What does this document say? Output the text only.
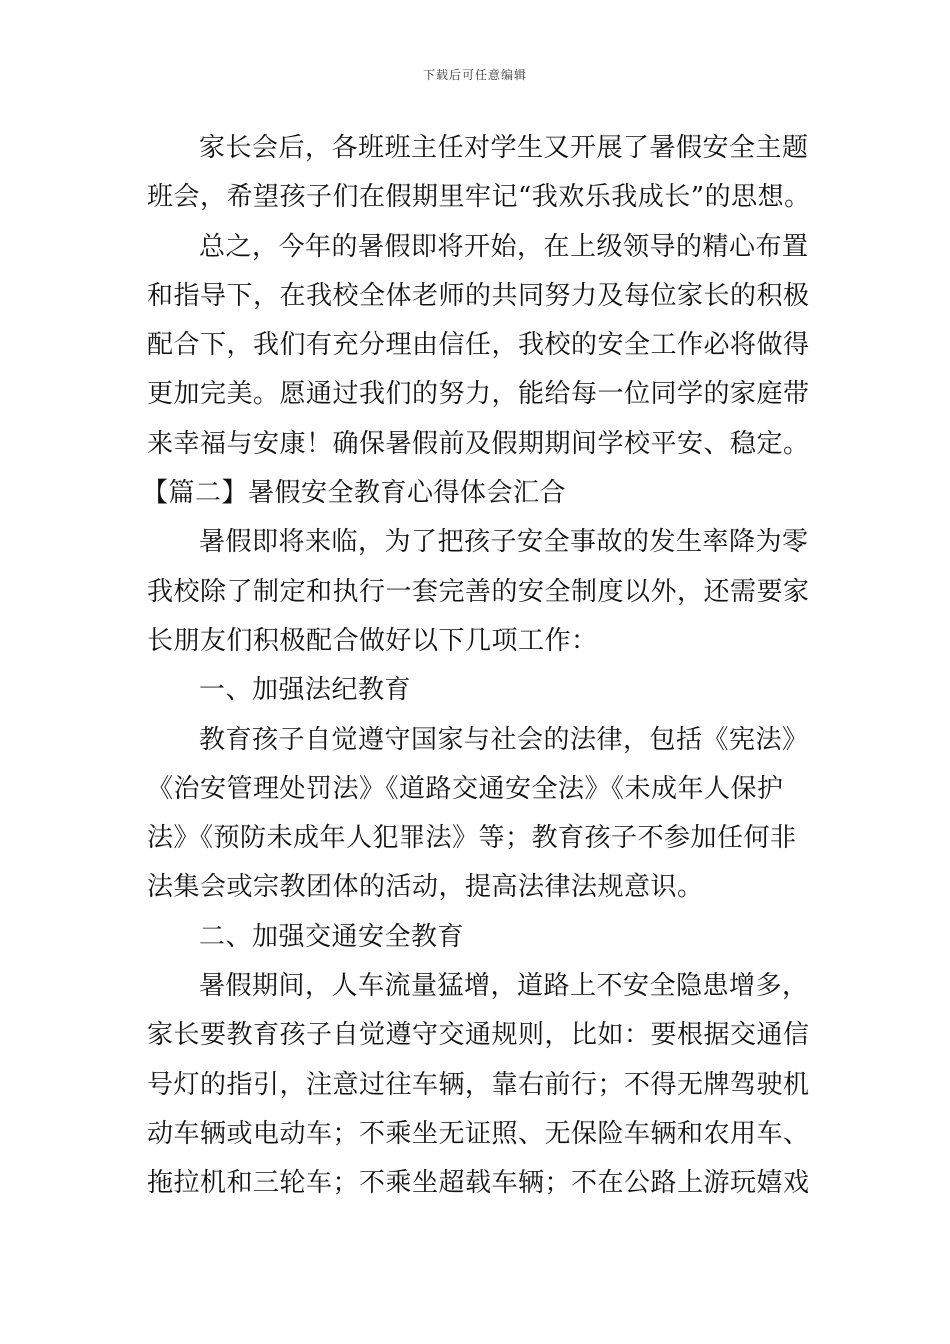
下载后可任意编辑
家长会后，各班班主任对学生又开展了暑假安全主题
班会，希望孩子们在假期里牢记“我欢乐我成长”的思想。
总之，今年的暑假即将开始，在上级领导的精心布置
和指导下，在我校全体老师的共同努力及每位家长的积极
配合下，我们有充分理由信任，我校的安全工作必将做得
更加完美。愿通过我们的努力，能给每一位同学的家庭带
来幸福与安康！确保暑假前及假期期间学校平安、稳定。
【篇二】暑假安全教育心得体会汇合
暑假即将来临，为了把孩子安全事故的发生率降为零
我校除了制定和执行一套完善的安全制度以外，还需要家
长朋友们积极配合做好以下几项工作：
一、加强法纪教育
教育孩子自觉遵守国家与社会的法律，包括《宪法》
《治安管理处罚法》《道路交通安全法》《未成年人保护
法》《预防未成年人犯罪法》等；教育孩子不参加任何非
法集会或宗教团体的活动，提高法律法规意识。
二、加强交通安全教育
暑假期间，人车流量猛增，道路上不安全隐患增多，
家长要教育孩子自觉遵守交通规则，比如：要根据交通信
号灯的指引，注意过往车辆，靠右前行；不得无牌驾驶机
动车辆或电动车；不乘坐无证照、无保险车辆和农用车、
拖拉机和三轮车；不乘坐超载车辆；不在公路上游玩嬉戏
